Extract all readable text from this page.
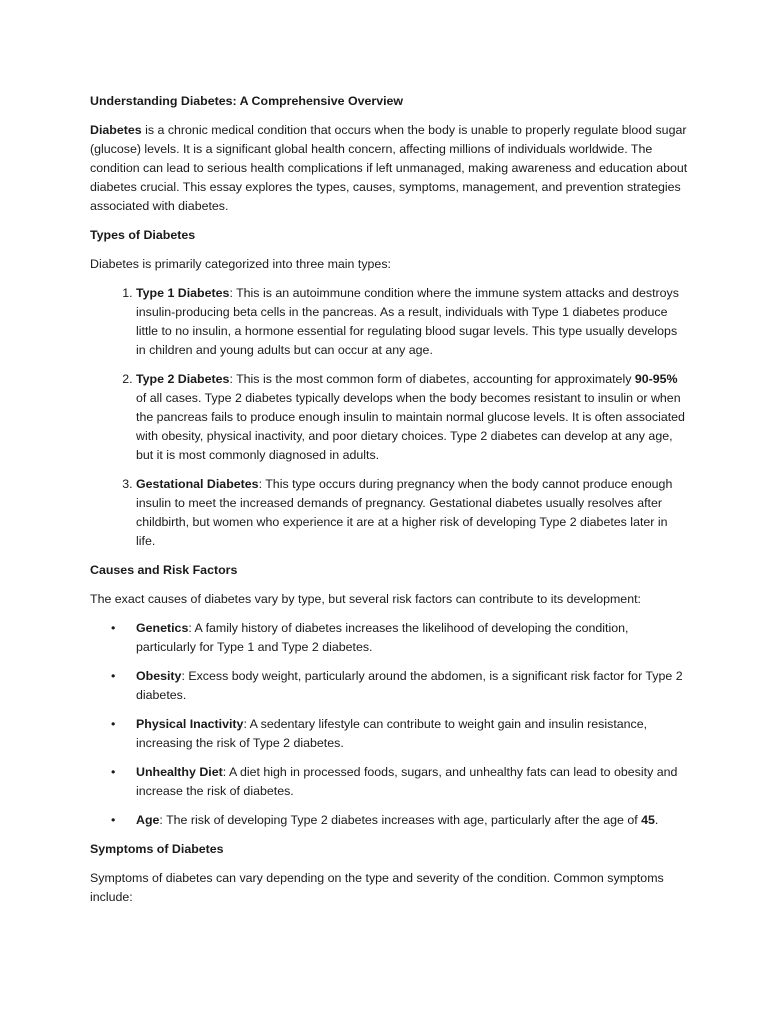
Understanding Diabetes: A Comprehensive Overview

Diabetes is a chronic medical condition that occurs when the body is unable to properly regulate blood sugar (glucose) levels. It is a significant global health concern, affecting millions of individuals worldwide. The condition can lead to serious health complications if left unmanaged, making awareness and education about diabetes crucial. This essay explores the types, causes, symptoms, management, and prevention strategies associated with diabetes.

Types of Diabetes

Diabetes is primarily categorized into three main types:

1. Type 1 Diabetes: This is an autoimmune condition where the immune system attacks and destroys insulin-producing beta cells in the pancreas. As a result, individuals with Type 1 diabetes produce little to no insulin, a hormone essential for regulating blood sugar levels. This type usually develops in children and young adults but can occur at any age.
2. Type 2 Diabetes: This is the most common form of diabetes, accounting for approximately 90-95% of all cases. Type 2 diabetes typically develops when the body becomes resistant to insulin or when the pancreas fails to produce enough insulin to maintain normal glucose levels. It is often associated with obesity, physical inactivity, and poor dietary choices. Type 2 diabetes can develop at any age, but it is most commonly diagnosed in adults.
3. Gestational Diabetes: This type occurs during pregnancy when the body cannot produce enough insulin to meet the increased demands of pregnancy. Gestational diabetes usually resolves after childbirth, but women who experience it are at a higher risk of developing Type 2 diabetes later in life.

Causes and Risk Factors

The exact causes of diabetes vary by type, but several risk factors can contribute to its development:

• Genetics: A family history of diabetes increases the likelihood of developing the condition, particularly for Type 1 and Type 2 diabetes.
• Obesity: Excess body weight, particularly around the abdomen, is a significant risk factor for Type 2 diabetes.
• Physical Inactivity: A sedentary lifestyle can contribute to weight gain and insulin resistance, increasing the risk of Type 2 diabetes.
• Unhealthy Diet: A diet high in processed foods, sugars, and unhealthy fats can lead to obesity and increase the risk of diabetes.
• Age: The risk of developing Type 2 diabetes increases with age, particularly after the age of 45.

Symptoms of Diabetes

Symptoms of diabetes can vary depending on the type and severity of the condition. Common symptoms include:
